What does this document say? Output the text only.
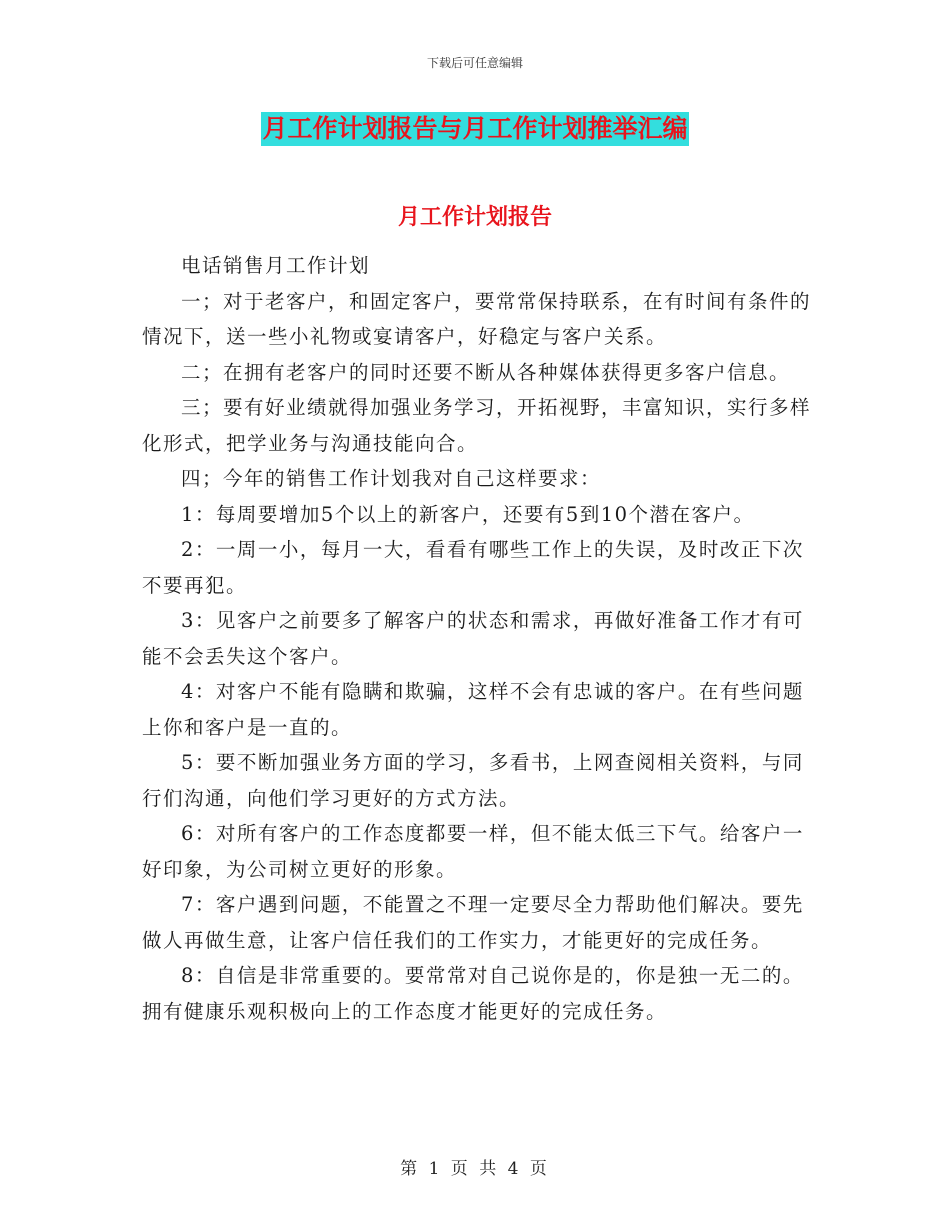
下载后可任意编辑
月工作计划报告与月工作计划推举汇编
月工作计划报告

电话销售月工作计划

一；对于老客户，和固定客户，要常常保持联系，在有时间有条件的情况下，送一些小礼物或宴请客户，好稳定与客户关系。

二；在拥有老客户的同时还要不断从各种媒体获得更多客户信息。

三；要有好业绩就得加强业务学习，开拓视野，丰富知识，实行多样化形式，把学业务与沟通技能向合。

四；今年的销售工作计划我对自己这样要求：

1：每周要增加5个以上的新客户，还要有5到10个潜在客户。

2：一周一小，每月一大，看看有哪些工作上的失误，及时改正下次不要再犯。

3：见客户之前要多了解客户的状态和需求，再做好准备工作才有可能不会丢失这个客户。

4：对客户不能有隐瞒和欺骗，这样不会有忠诚的客户。在有些问题上你和客户是一直的。

5：要不断加强业务方面的学习，多看书，上网查阅相关资料，与同行们沟通，向他们学习更好的方式方法。

6：对所有客户的工作态度都要一样，但不能太低三下气。给客户一好印象，为公司树立更好的形象。

7：客户遇到问题，不能置之不理一定要尽全力帮助他们解决。要先做人再做生意，让客户信任我们的工作实力，才能更好的完成任务。

8：自信是非常重要的。要常常对自己说你是的，你是独一无二的。拥有健康乐观积极向上的工作态度才能更好的完成任务。

第 1 页 共 4 页
